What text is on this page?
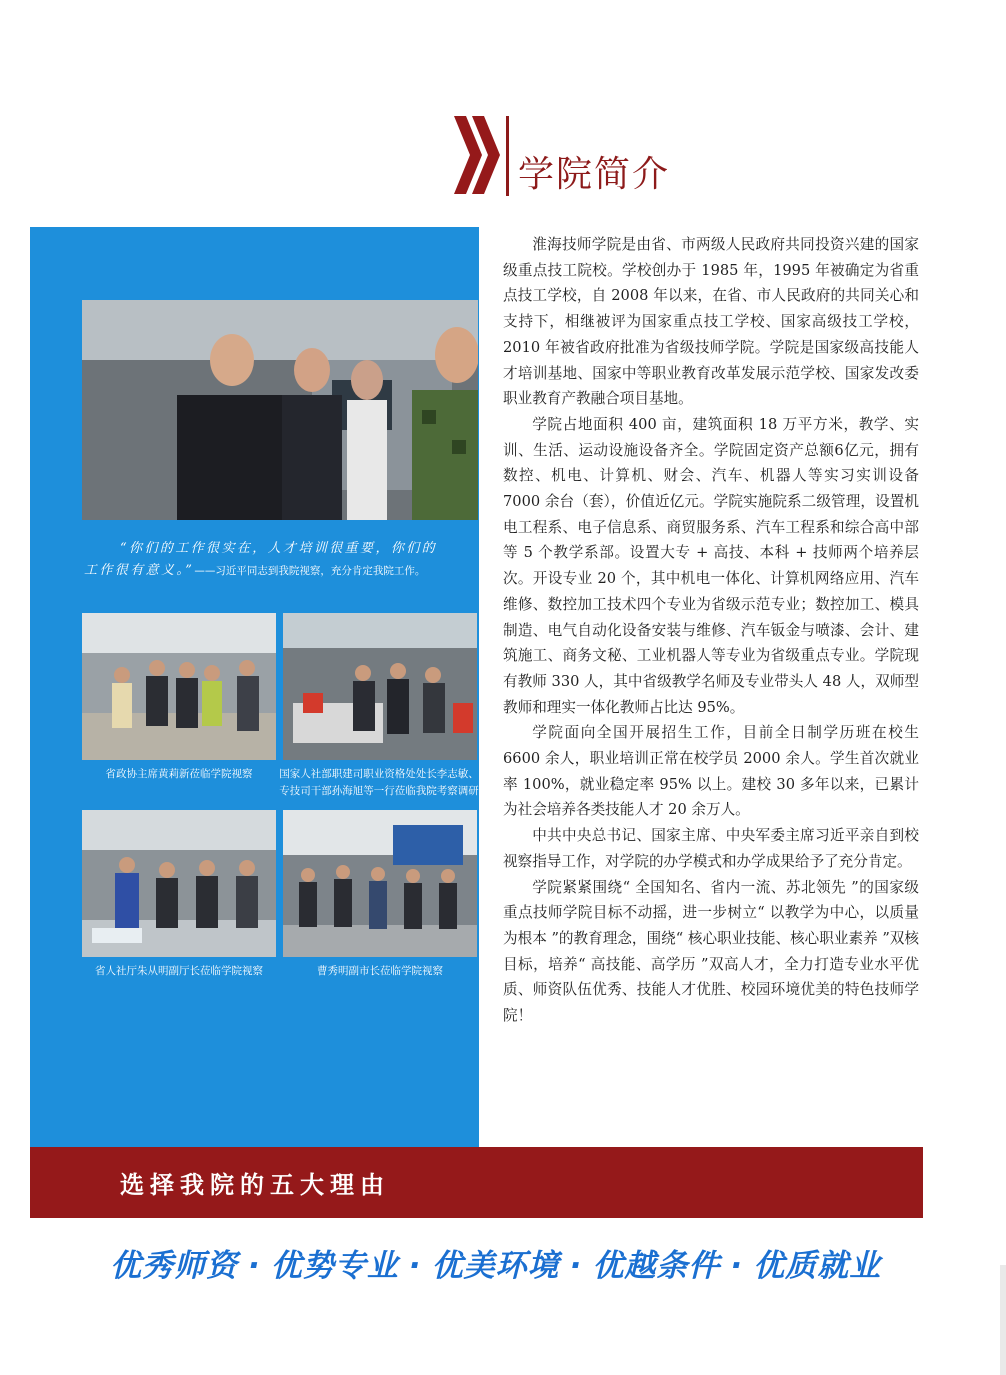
学院简介
“你们的工作很实在，人才培训很重要，你们的
工作很有意义。”——习近平同志到我院视察，充分肯定我院工作。
省政协主席黄莉新莅临学院视察	国家人社部职建司职业资格处处长李志敏、
专技司干部孙海旭等一行莅临我院考察调研
省人社厅朱从明副厅长莅临学院视察	曹秀明副市长莅临学院视察

淮海技师学院是由省、市两级人民政府共同投资兴建的国家级重点技工院校。学校创办于 1985 年，1995 年被确定为省重点技工学校，自 2008 年以来，在省、市人民政府的共同关心和支持下，相继被评为国家重点技工学校、国家高级技工学校，2010 年被省政府批准为省级技师学院。学院是国家级高技能人才培训基地、国家中等职业教育改革发展示范学校、国家发改委职业教育产教融合项目基地。

学院占地面积 400 亩，建筑面积 18 万平方米，教学、实训、生活、运动设施设备齐全。学院固定资产总额6亿元，拥有数控、机电、计算机、财会、汽车、机器人等实习实训设备 7000 余台（套），价值近亿元。学院实施院系二级管理，设置机电工程系、电子信息系、商贸服务系、汽车工程系和综合高中部等 5 个教学系部。设置大专 + 高技、本科 + 技师两个培养层次。开设专业 20 个，其中机电一体化、计算机网络应用、汽车维修、数控加工技术四个专业为省级示范专业；数控加工、模具制造、电气自动化设备安装与维修、汽车钣金与喷漆、会计、建筑施工、商务文秘、工业机器人等专业为省级重点专业。学院现有教师 330 人，其中省级教学名师及专业带头人 48 人，双师型教师和理实一体化教师占比达 95%。

学院面向全国开展招生工作，目前全日制学历班在校生 6600 余人，职业培训正常在校学员 2000 余人。学生首次就业率 100%，就业稳定率 95% 以上。建校 30 多年以来，已累计为社会培养各类技能人才 20 余万人。

中共中央总书记、国家主席、中央军委主席习近平亲自到校视察指导工作，对学院的办学模式和办学成果给予了充分肯定。

学院紧紧围绕“ 全国知名、省内一流、苏北领先 ”的国家级重点技师学院目标不动摇，进一步树立“ 以教学为中心，以质量为根本 ”的教育理念，围绕“ 核心职业技能、核心职业素养 ”双核目标，培养“ 高技能、高学历 ”双高人才，全力打造专业水平优质、师资队伍优秀、技能人才优胜、校园环境优美的特色技师学院！

选择我院的五大理由
优秀师资 · 优势专业 · 优美环境 · 优越条件 · 优质就业
